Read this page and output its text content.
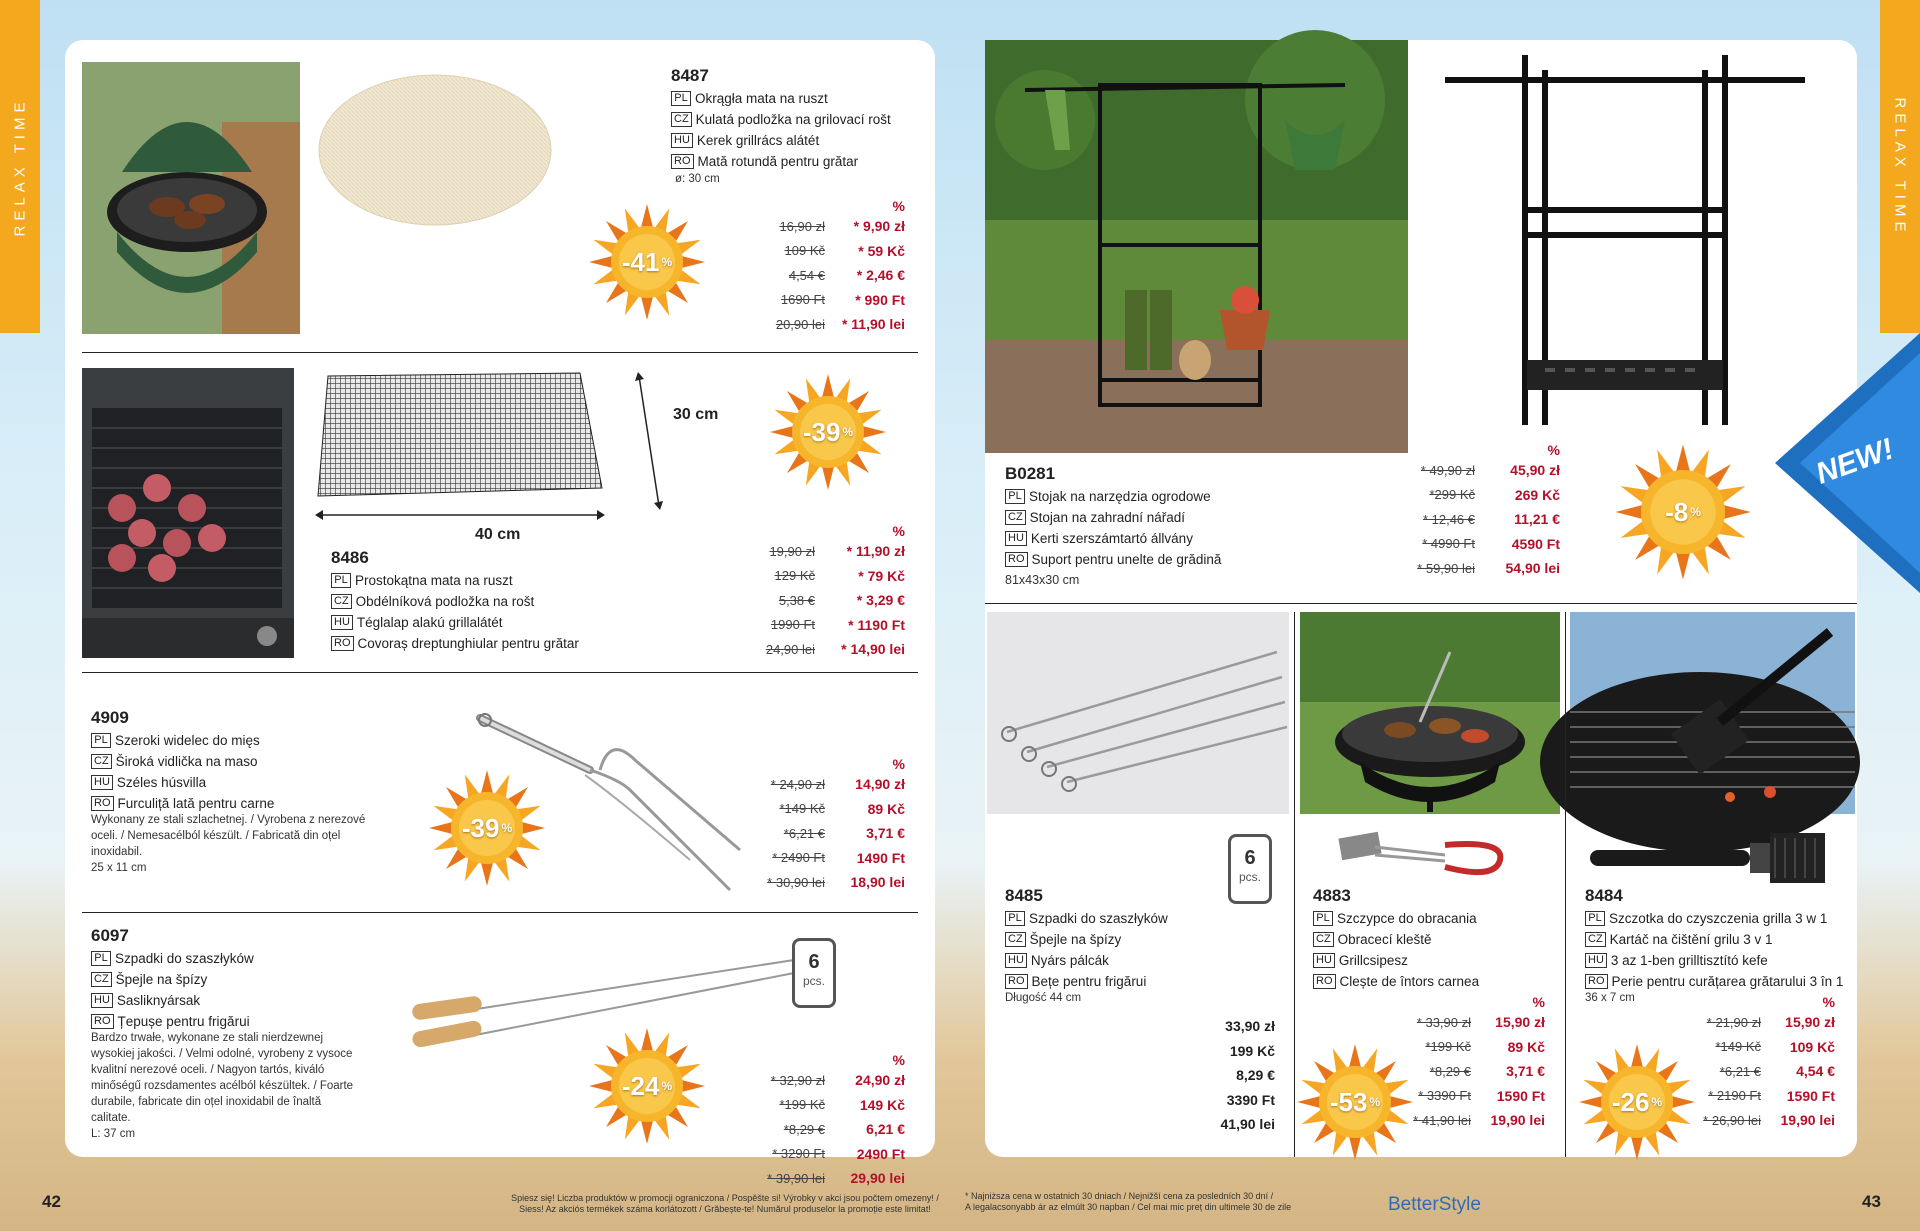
RELAX TIME	RELAX TIME
8487
PL Okrągła mata na ruszt
CZ Kulatá podložka na grilovací rošt
HU Kerek grillrács alátét
RO Mată rotundă pentru grătar
ø: 30 cm
-41 %
%
16,90 zł	* 9,90 zł
109 Kč	* 59 Kč
4,54 €	* 2,46 €
1690 Ft	* 990 Ft
20,90 lei	* 11,90 lei
40 cm
30 cm
-39 %
8486
PL Prostokątna mata na ruszt
CZ Obdélníková podložka na rošt
HU Téglalap alakú grillalátét
RO Covoraș dreptunghiular pentru grătar
%
19,90 zł	* 11,90 zł
129 Kč	* 79 Kč
5,38 €	* 3,29 €
1990 Ft	* 1190 Ft
24,90 lei	* 14,90 lei
4909
PL Szeroki widelec do mięs
CZ Široká vidlička na maso
HU Széles húsvilla
RO Furculiță lată pentru carne
Wykonany ze stali szlachetnej. / Vyrobena z nerezové
oceli. / Nemesacélból készült. / Fabricată din oțel
inoxidabil.
25 x 11 cm
-39 %
%
* 24,90 zł	14,90 zł
*149 Kč	89 Kč
*6,21 €	3,71 €
* 2490 Ft	1490 Ft
* 30,90 lei	18,90 lei
6097
PL Szpadki do szaszłyków
CZ Špejle na špízy
HU Sasliknyársak
RO Țepușe pentru frigărui
Bardzo trwałe, wykonane ze stali nierdzewnej
wysokiej jakości. / Velmi odolné, vyrobeny z vysoce
kvalitní nerezové oceli. / Nagyon tartós, kiváló
minőségű rozsdamentes acélból készültek. / Foarte
durabile, fabricate din oțel inoxidabil de înaltă
calitate.
L: 37 cm
6
pcs.
-24 %
%
* 32,90 zł	24,90 zł
*199 Kč	149 Kč
*8,29 €	6,21 €
* 3290 Ft	2490 Ft
* 39,90 lei	29,90 lei
B0281
PL Stojak na narzędzia ogrodowe
CZ Stojan na zahradní nářadí
HU Kerti szerszámtartó állvány
RO Suport pentru unelte de grădină
81x43x30 cm
%
* 49,90 zł	45,90 zł
*299 Kč	269 Kč
* 12,46 €	11,21 €
* 4990 Ft	4590 Ft
* 59,90 lei	54,90 lei
-8 %
6
pcs.
8485
PL Szpadki do szaszłyków
CZ Špejle na špízy
HU Nyárs pálcák
RO Bețe pentru frigărui
Długość 44 cm
33,90 zł
199 Kč
8,29 €
3390 Ft
41,90 lei
4883
PL Szczypce do obracania
CZ Obracecí kleště
HU Grillcsipesz
RO Clește de întors carnea
-53 %
%
* 33,90 zł	15,90 zł
*199 Kč	89 Kč
*8,29 €	3,71 €
* 3390 Ft	1590 Ft
* 41,90 lei	19,90 lei
8484
PL Szczotka do czyszczenia grilla 3 w 1
CZ Kartáč na čištění grilu 3 v 1
HU 3 az 1-ben grilltisztító kefe
RO Perie pentru curățarea grătarului 3 în 1
36 x 7 cm
-26 %
%
* 21,90 zł	15,90 zł
*149 Kč	109 Kč
*6,21 €	4,54 €
* 2190 Ft	1590 Ft
* 26,90 lei	19,90 lei
NEW!
42	43
Spiesz się! Liczba produktów w promocji ograniczona / Pospěšte si! Výrobky v akci jsou počtem omezeny! /
Siess! Az akciós termékek száma korlátozott / Grăbește-te! Numărul produselor la promoție este limitat!
* Najniższa cena w ostatnich 30 dniach / Nejnižší cena za posledních 30 dní /
A legalacsonyabb ár az elmúlt 30 napban / Cel mai mic preț din ultimele 30 de zile	BetterStyle
